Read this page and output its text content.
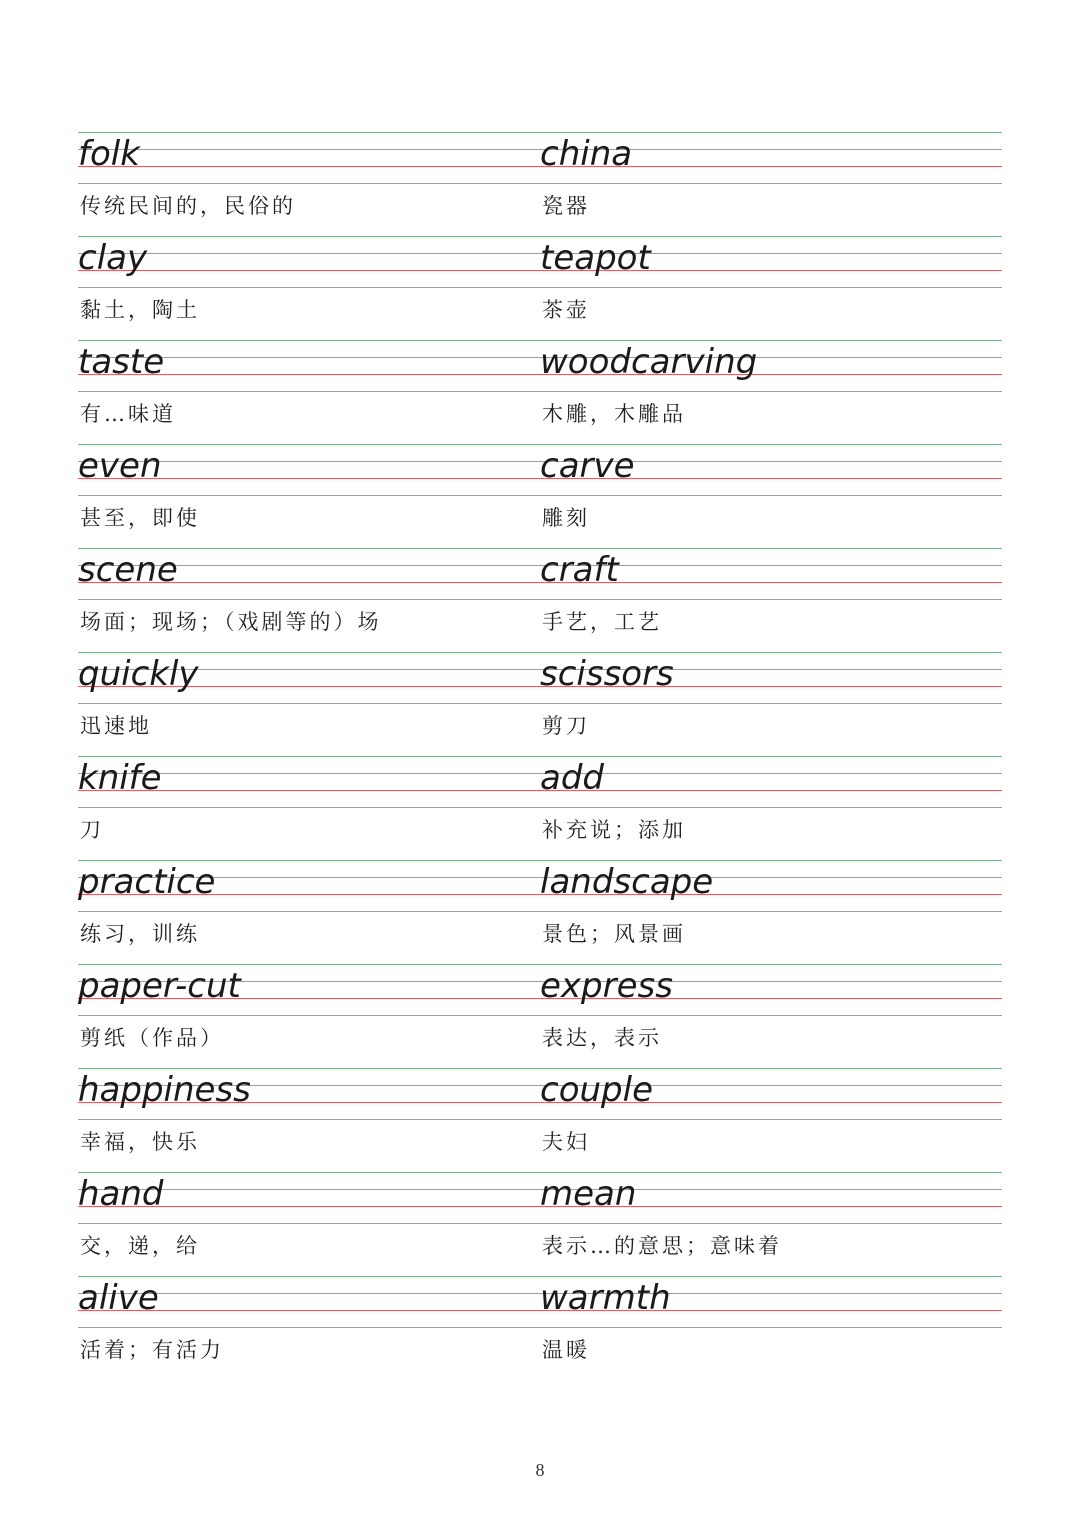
folk
传统民间的，民俗的
china
瓷器
clay
黏土，陶土
teapot
茶壶
taste
有…味道
woodcarving
木雕，木雕品
even
甚至，即使
carve
雕刻
scene
场面；现场；（戏剧等的）场
craft
手艺，工艺
quickly
迅速地
scissors
剪刀
knife
刀
add
补充说；添加
practice
练习，训练
landscape
景色；风景画
paper-cut
剪纸（作品）
express
表达，表示
happiness
幸福，快乐
couple
夫妇
hand
交，递，给
mean
表示…的意思；意味着
alive
活着；有活力
warmth
温暖
8
